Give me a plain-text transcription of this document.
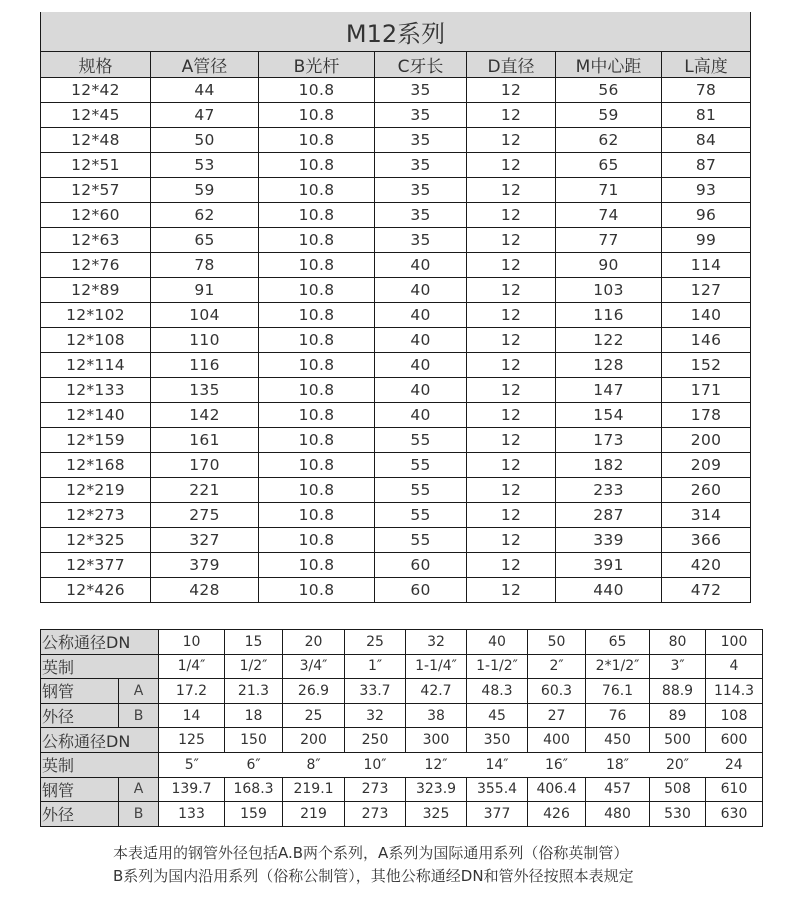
M12系列						
规格	A管径	B光杆	C牙长	D直径	M中心距	L高度
12*42	44	10.8	35	12	56	78
12*45	47	10.8	35	12	59	81
12*48	50	10.8	35	12	62	84
12*51	53	10.8	35	12	65	87
12*57	59	10.8	35	12	71	93
12*60	62	10.8	35	12	74	96
12*63	65	10.8	35	12	77	99
12*76	78	10.8	40	12	90	114
12*89	91	10.8	40	12	103	127
12*102	104	10.8	40	12	116	140
12*108	110	10.8	40	12	122	146
12*114	116	10.8	40	12	128	152
12*133	135	10.8	40	12	147	171
12*140	142	10.8	40	12	154	178
12*159	161	10.8	55	12	173	200
12*168	170	10.8	55	12	182	209
12*219	221	10.8	55	12	233	260
12*273	275	10.8	55	12	287	314
12*325	327	10.8	55	12	339	366
12*377	379	10.8	60	12	391	420
12*426	428	10.8	60	12	440	472
公称通径DN		10	15	20	25	32	40	50	65	80	100
英制		1/4″	1/2″	3/4″	1″	1-1/4″	1-1/2″	2″	2*1/2″	3″	4
钢管	A	17.2	21.3	26.9	33.7	42.7	48.3	60.3	76.1	88.9	114.3
外径	B	14	18	25	32	38	45	27	76	89	108
公称通径DN		125	150	200	250	300	350	400	450	500	600
英制		5″	6″	8″	10″	12″	14″	16″	18″	20″	24
钢管	A	139.7	168.3	219.1	273	323.9	355.4	406.4	457	508	610
外径	B	133	159	219	273	325	377	426	480	530	630
本表适用的钢管外径包括A.B两个系列，A系列为国际通用系列（俗称英制管）
B系列为国内沿用系列（俗称公制管），其他公称通经DN和管外径按照本表规定
